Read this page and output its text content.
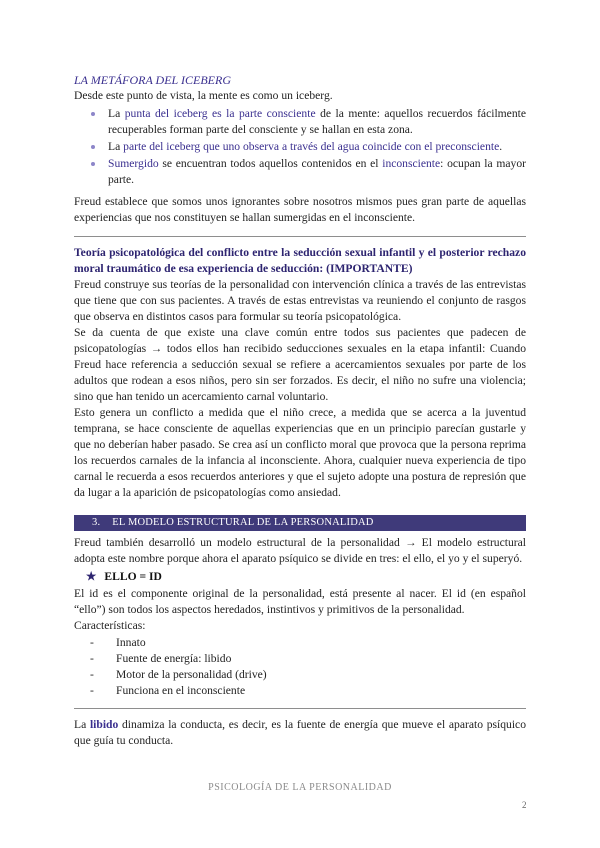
LA METÁFORA DEL ICEBERG

Desde este punto de vista, la mente es como un iceberg.

La punta del iceberg es la parte consciente de la mente: aquellos recuerdos fácilmente recuperables forman parte del consciente y se hallan en esta zona.
La parte del iceberg que uno observa a través del agua coincide con el preconsciente.
Sumergido se encuentran todos aquellos contenidos en el inconsciente: ocupan la mayor parte.

Freud establece que somos unos ignorantes sobre nosotros mismos pues gran parte de aquellas experiencias que nos constituyen se hallan sumergidas en el inconsciente.

Teoría psicopatológica del conflicto entre la seducción sexual infantil y el posterior rechazo moral traumático de esa experiencia de seducción: (IMPORTANTE)

Freud construye sus teorías de la personalidad con intervención clínica a través de las entrevistas que tiene que con sus pacientes. A través de estas entrevistas va reuniendo el conjunto de rasgos que observa en distintos casos para formular su teoría psicopatológica.

Se da cuenta de que existe una clave común entre todos sus pacientes que padecen de psicopatologías → todos ellos han recibido seducciones sexuales en la etapa infantil: Cuando Freud hace referencia a seducción sexual se refiere a acercamientos sexuales por parte de los adultos que rodean a esos niños, pero sin ser forzados. Es decir, el niño no sufre una violencia; sino que han tenido un acercamiento carnal voluntario.

Esto genera un conflicto a medida que el niño crece, a medida que se acerca a la juventud temprana, se hace consciente de aquellas experiencias que en un principio parecían gustarle y que no deberían haber pasado. Se crea así un conflicto moral que provoca que la persona reprima los recuerdos carnales de la infancia al inconsciente. Ahora, cualquier nueva experiencia de tipo carnal le recuerda a esos recuerdos anteriores y que el sujeto adopte una postura de represión que da lugar a la aparición de psicopatologías como ansiedad.

3. EL MODELO ESTRUCTURAL DE LA PERSONALIDAD

Freud también desarrolló un modelo estructural de la personalidad → El modelo estructural adopta este nombre porque ahora el aparato psíquico se divide en tres: el ello, el yo y el superyó.

★ ELLO = ID

El id es el componente original de la personalidad, está presente al nacer. El id (en español “ello”) son todos los aspectos heredados, instintivos y primitivos de la personalidad.

Características:

- Innato
- Fuente de energía: libido
- Motor de la personalidad (drive)
- Funciona en el inconsciente

La libido dinamiza la conducta, es decir, es la fuente de energía que mueve el aparato psíquico que guía tu conducta.

PSICOLOGÍA DE LA PERSONALIDAD
2
